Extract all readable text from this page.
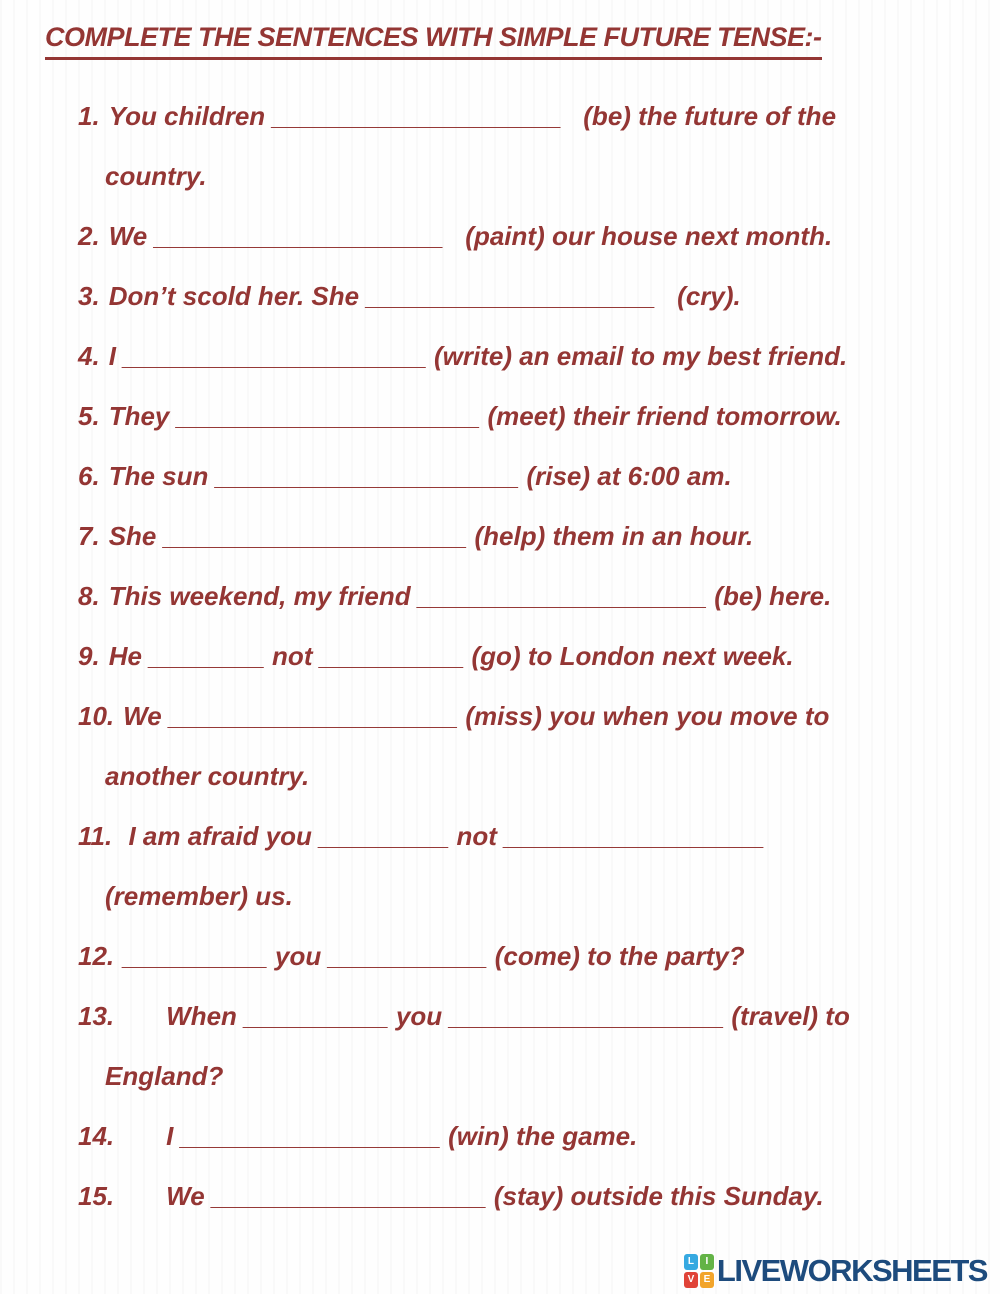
COMPLETE THE SENTENCES WITH SIMPLE FUTURE TENSE:-
1. You children ____________________   (be) the future of the
country.
2. We ____________________   (paint) our house next month.
3. Don’t scold her. She ____________________   (cry).
4. I _____________________ (write) an email to my best friend.
5. They _____________________ (meet) their friend tomorrow.
6. The sun _____________________ (rise) at 6:00 am.
7. She _____________________ (help) them in an hour.
8. This weekend, my friend ____________________ (be) here.
9. He ________ not __________ (go) to London next week.
10. We ____________________ (miss) you when you move to
another country.
11. I am afraid you _________ not __________________
(remember) us.
12. __________ you ___________ (come) to the party?
13. When __________ you ___________________ (travel) to
England?
14. I __________________ (win) the game.
15. We ___________________ (stay) outside this Sunday.
L	I
V E LIVEWORKSHEETS
